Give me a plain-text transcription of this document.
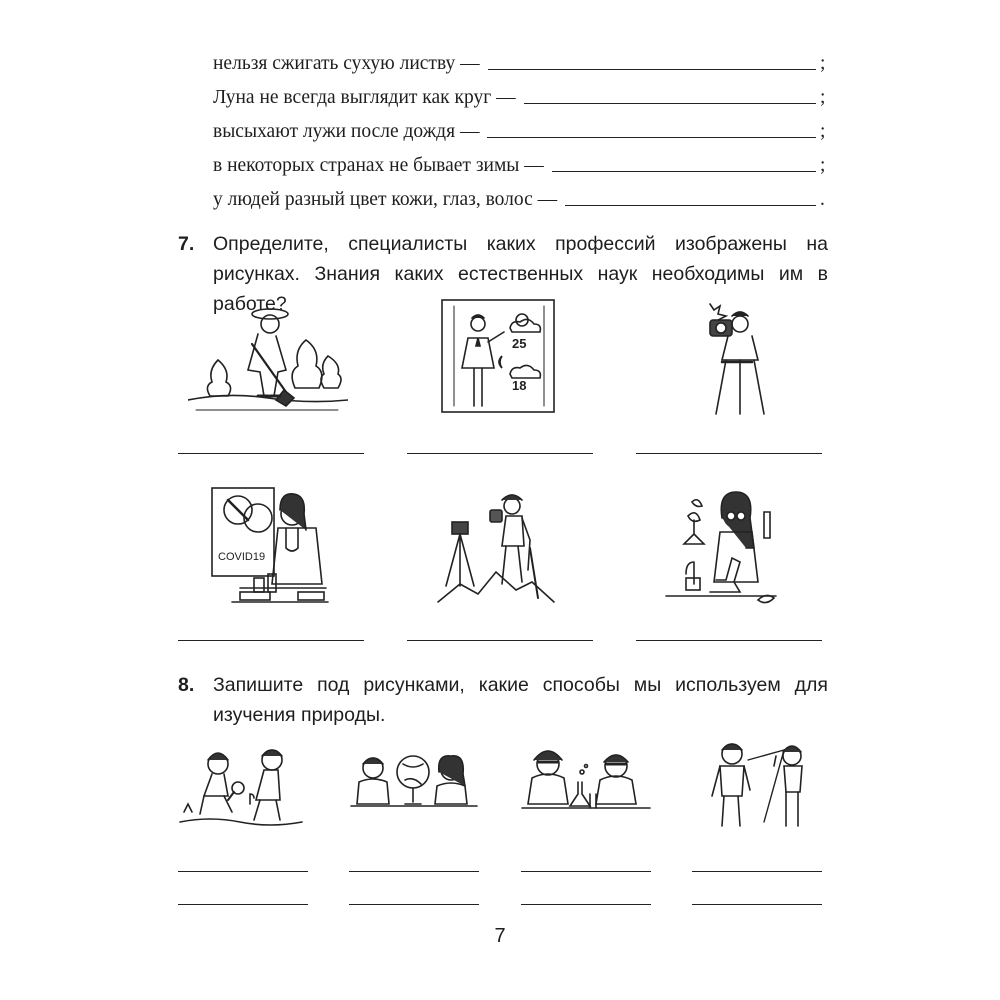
нельзя сжигать сухую листву —	;
Луна не всегда выглядит как круг —	;
высыхают лужи после дождя —	;
в некоторых странах не бывает зимы —	;
у людей разный цвет кожи, глаз, волос —	.
7. Определите, специалисты каких профессий изображены на рисунках. Знания каких естественных наук необходимы им в работе?
25
18
COVID19
8. Запишите под рисунками, какие способы мы используем для изучения природы.
7
